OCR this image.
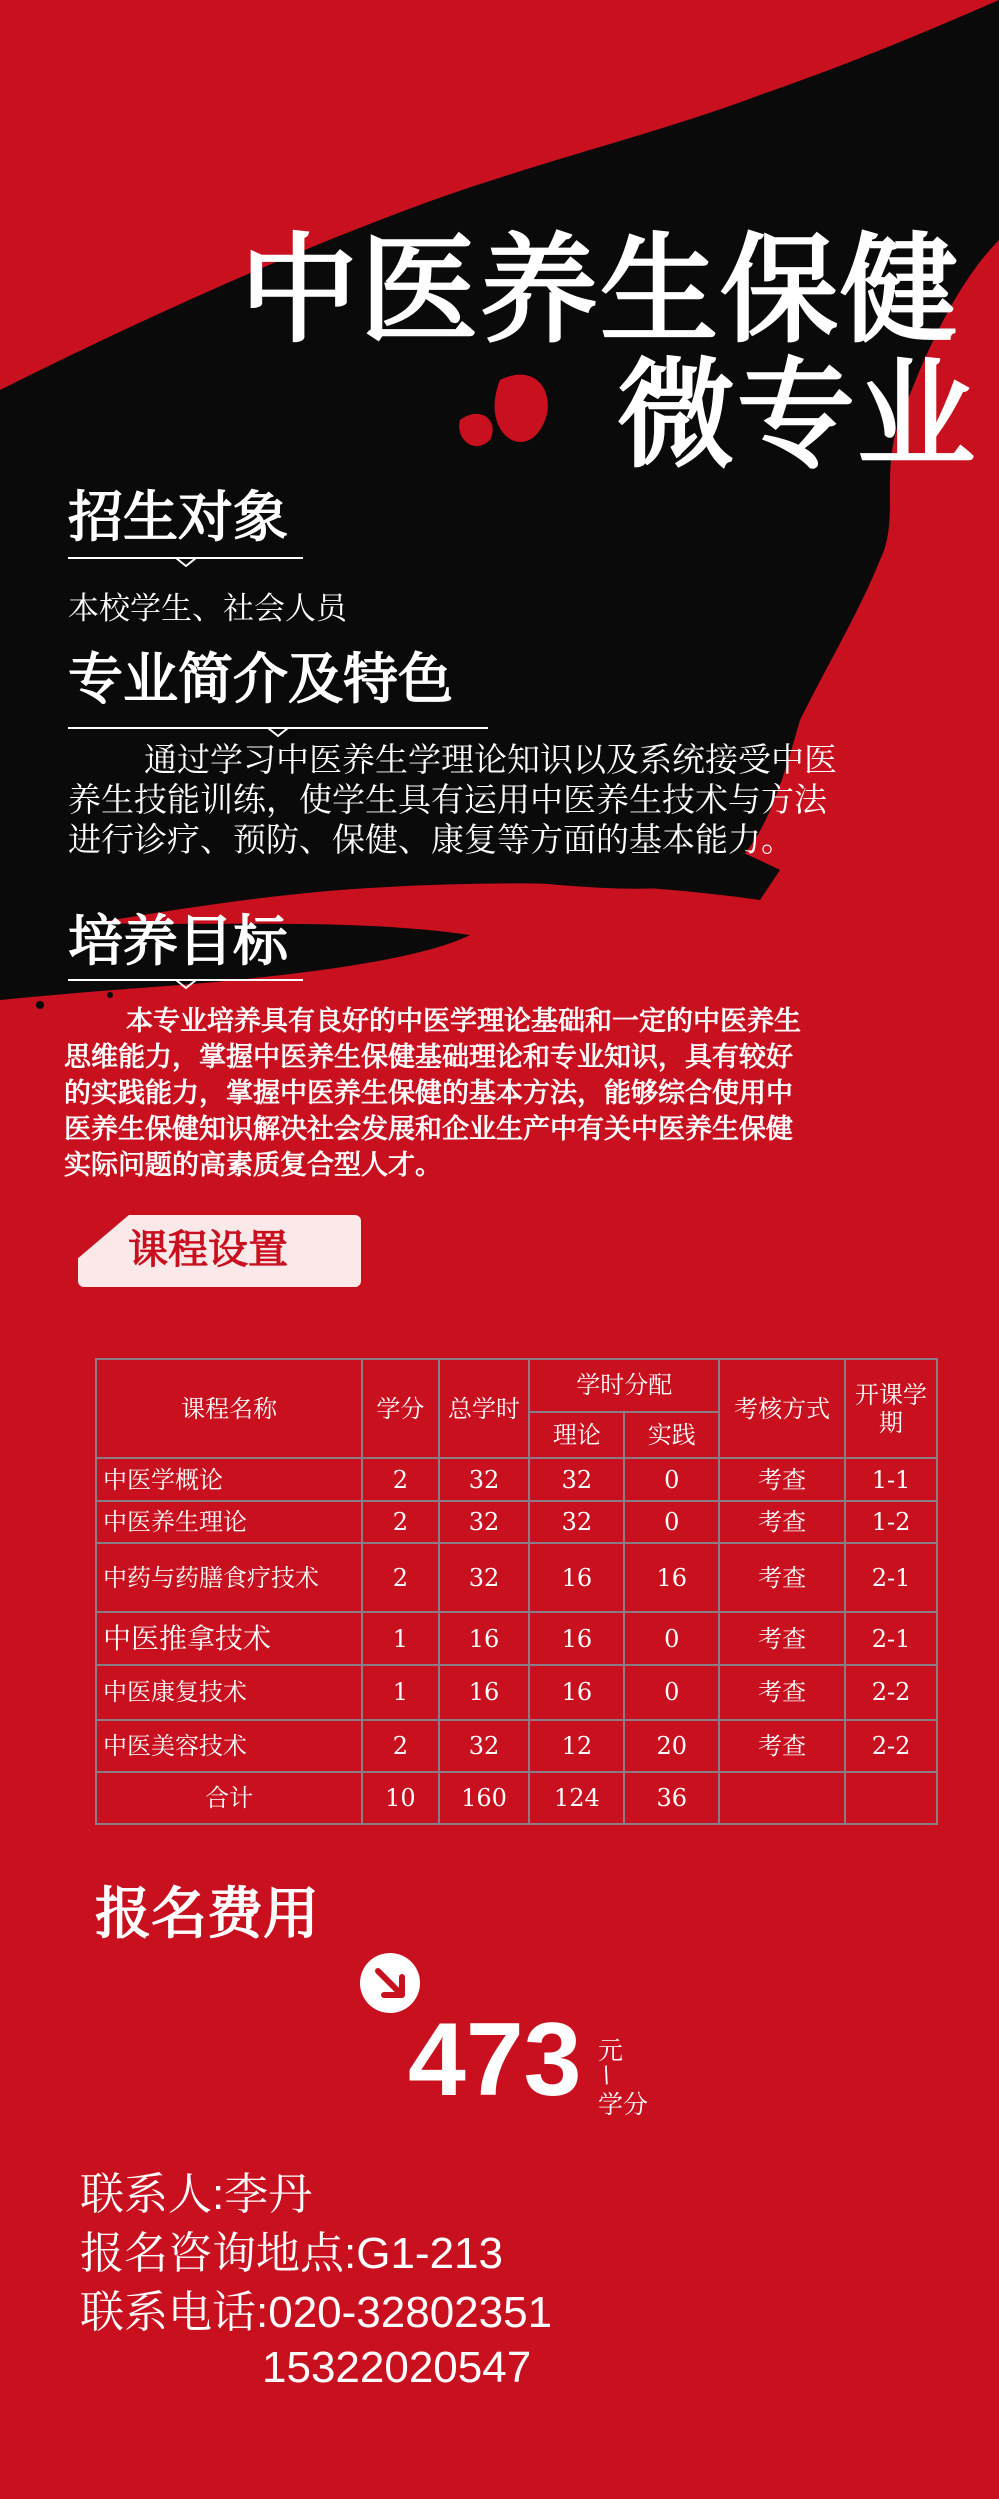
中医养生保健
微专业
招生对象
本校学生、社会人员
专业简介及特色
通过学习中医养生学理论知识以及系统接受中医养生技能训练，使学生具有运用中医养生技术与方法进行诊疗、预防、保健、康复等方面的基本能力。
培养目标
本专业培养具有良好的中医学理论基础和一定的中医养生思维能力，掌握中医养生保健基础理论和专业知识，具有较好的实践能力，掌握中医养生保健的基本方法，能够综合使用中医养生保健知识解决社会发展和企业生产中有关中医养生保健实际问题的高素质复合型人才。
课程设置
课程名称	学分	总学时	学时分配		考核方式	开课学期
			理论	实践		
中医学概论	2	32	32	0	考查	1-1
中医养生理论	2	32	32	0	考查	1-2
中药与药膳食疗技术	2	32	16	16	考查	2-1
中医推拿技术	1	16	16	0	考查	2-1
中医康复技术	1	16	16	0	考查	2-2
中医美容技术	2	32	12	20	考查	2-2
合计	10	160	124	36		
报名费用
473 元
/
学分
联系人:李丹
报名咨询地点:G1-213
联系电话:020-32802351
15322020547
